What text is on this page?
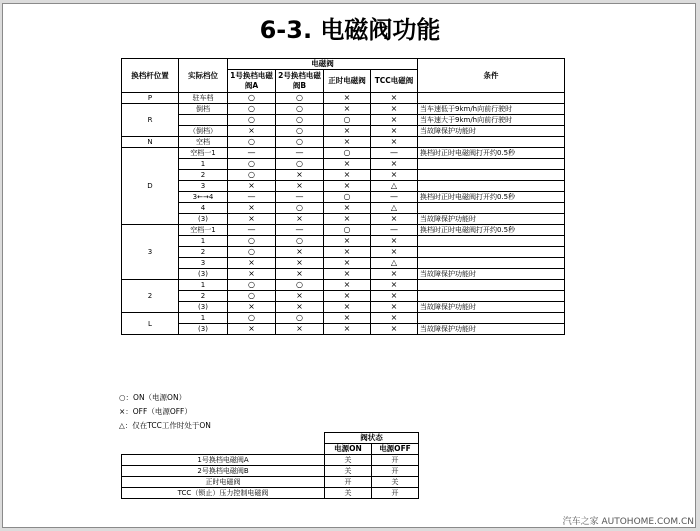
6-3. 电磁阀功能
换档杆位置	实际档位	电磁阀				条件
		1号换档电磁阀A	2号换档电磁阀B	正时电磁阀	TCC电磁阀	
P	驻车档	○	○	×	×	
R	倒档	○	○	×	×	当车速低于9km/h向前行驶时
		○	○	○	×	当车速大于9km/h向前行驶时
	（倒档）	×	○	×	×	当故障保护功能时
N	空档	○	○	×	×	
D	空档一1	—	—	○	—	换档时正时电磁阀打开约0.5秒
	1	○	○	×	×	
	2	○	×	×	×	
	3	×	×	×	△	
	3←→4	—	—	○	—	换档时正时电磁阀打开约0.5秒
	4	×	○	×	△	
	(3)	×	×	×	×	当故障保护功能时
3	空档一1	—	—	○	—	换档时正时电磁阀打开约0.5秒
	1	○	○	×	×	
	2	○	×	×	×	
	3	×	×	×	△	
	(3)	×	×	×	×	当故障保护功能时
2	1	○	○	×	×	
	2	○	×	×	×	
	(3)	×	×	×	×	当故障保护功能时
L	1	○	○	×	×	
	(3)	×	×	×	×	当故障保护功能时
○：ON（电源ON）
×：OFF（电源OFF）
△：仅在TCC工作时处于ON
	阀状态	
	电源ON	电源OFF
1号换档电磁阀A	关	开
2号换档电磁阀B	关	开
正时电磁阀	开	关
TCC（锁止）压力控制电磁阀	关	开
汽车之家 AUTOHOME.COM.CN
